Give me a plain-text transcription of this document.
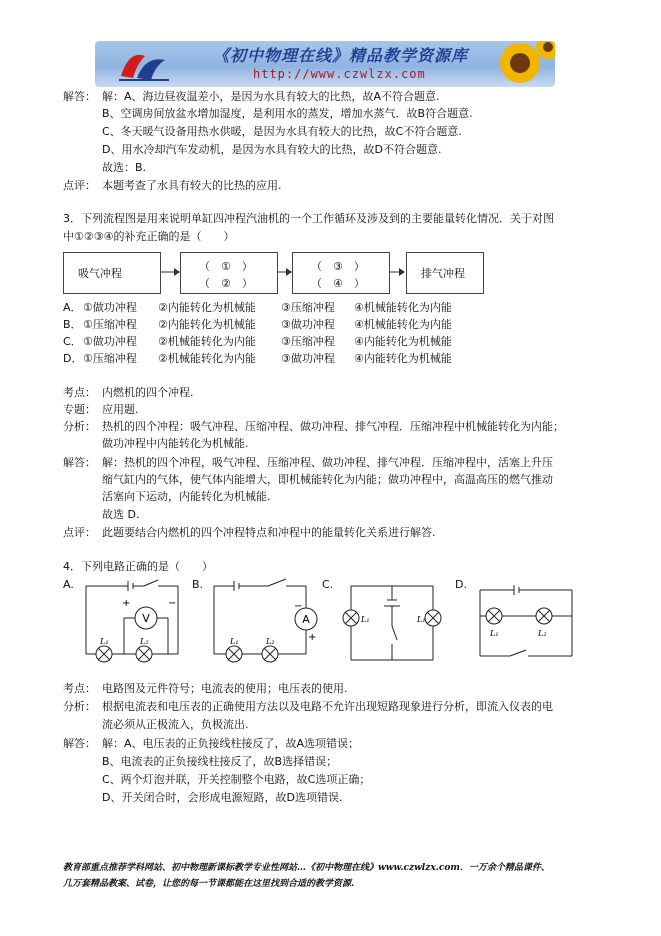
《初中物理在线》精品教学资源库
http://www.czwlzx.com
解答： 解：A、海边昼夜温差小，是因为水具有较大的比热，故A不符合题意.
B、空调房间放盆水增加湿度，是利用水的蒸发，增加水蒸气．故B符合题意.
C、冬天暖气设备用热水供暖，是因为水具有较大的比热，故C不符合题意.
D、用水冷却汽车发动机，是因为水具有较大的比热，故D不符合题意.
故选：B.
点评： 本题考查了水具有较大的比热的应用.
3．下列流程图是用来说明单缸四冲程汽油机的一个工作循环及涉及到的主要能量转化情况．关于对图
中①②③④的补充正确的是（　　）
吸气冲程
（　①　）
（　②　）
（　③　）
（　④　）
排气冲程
A． ①做功冲程 ②内能转化为机械能 ③压缩冲程 ④机械能转化为内能
B． ①压缩冲程 ②内能转化为机械能 ③做功冲程 ④机械能转化为内能
C． ①做功冲程 ②机械能转化为内能 ③压缩冲程 ④内能转化为机械能
D． ①压缩冲程 ②机械能转化为内能 ③做功冲程 ④内能转化为机械能
考点： 内燃机的四个冲程.
专题： 应用题.
分析： 热机的四个冲程：吸气冲程、压缩冲程、做功冲程、排气冲程．压缩冲程中机械能转化为内能；
做功冲程中内能转化为机械能.
解答： 解：热机的四个冲程，吸气冲程、压缩冲程、做功冲程、排气冲程．压缩冲程中，活塞上升压
缩气缸内的气体，使气体内能增大，即机械能转化为内能；做功冲程中，高温高压的燃气推动
活塞向下运动，内能转化为机械能.
故选 D.
点评： 此题要结合内燃机的四个冲程特点和冲程中的能量转化关系进行解答.
4．下列电路正确的是（　　）
A.
V
+	−
L₁	L₂
B.
A
−
+
L₁	L₂
C.
L₁	L₁
D.
L₁	L₂
考点： 电路图及元件符号；电流表的使用；电压表的使用.
分析： 根据电流表和电压表的正确使用方法以及电路不允许出现短路现象进行分析，即流入仪表的电
流必须从正极流入，负极流出.
解答： 解：A、电压表的正负接线柱接反了，故A选项错误；
B、电流表的正负接线柱接反了，故B选择错误；
C、两个灯泡并联，开关控制整个电路，故C选项正确；
D、开关闭合时，会形成电源短路，故D选项错误.
教育部重点推荐学科网站、初中物理新课标教学专业性网站…《初中物理在线》www.czwlzx.com．一万余个精品课件、
几万套精品教案、试卷，让您的每一节课都能在这里找到合适的教学资源.
